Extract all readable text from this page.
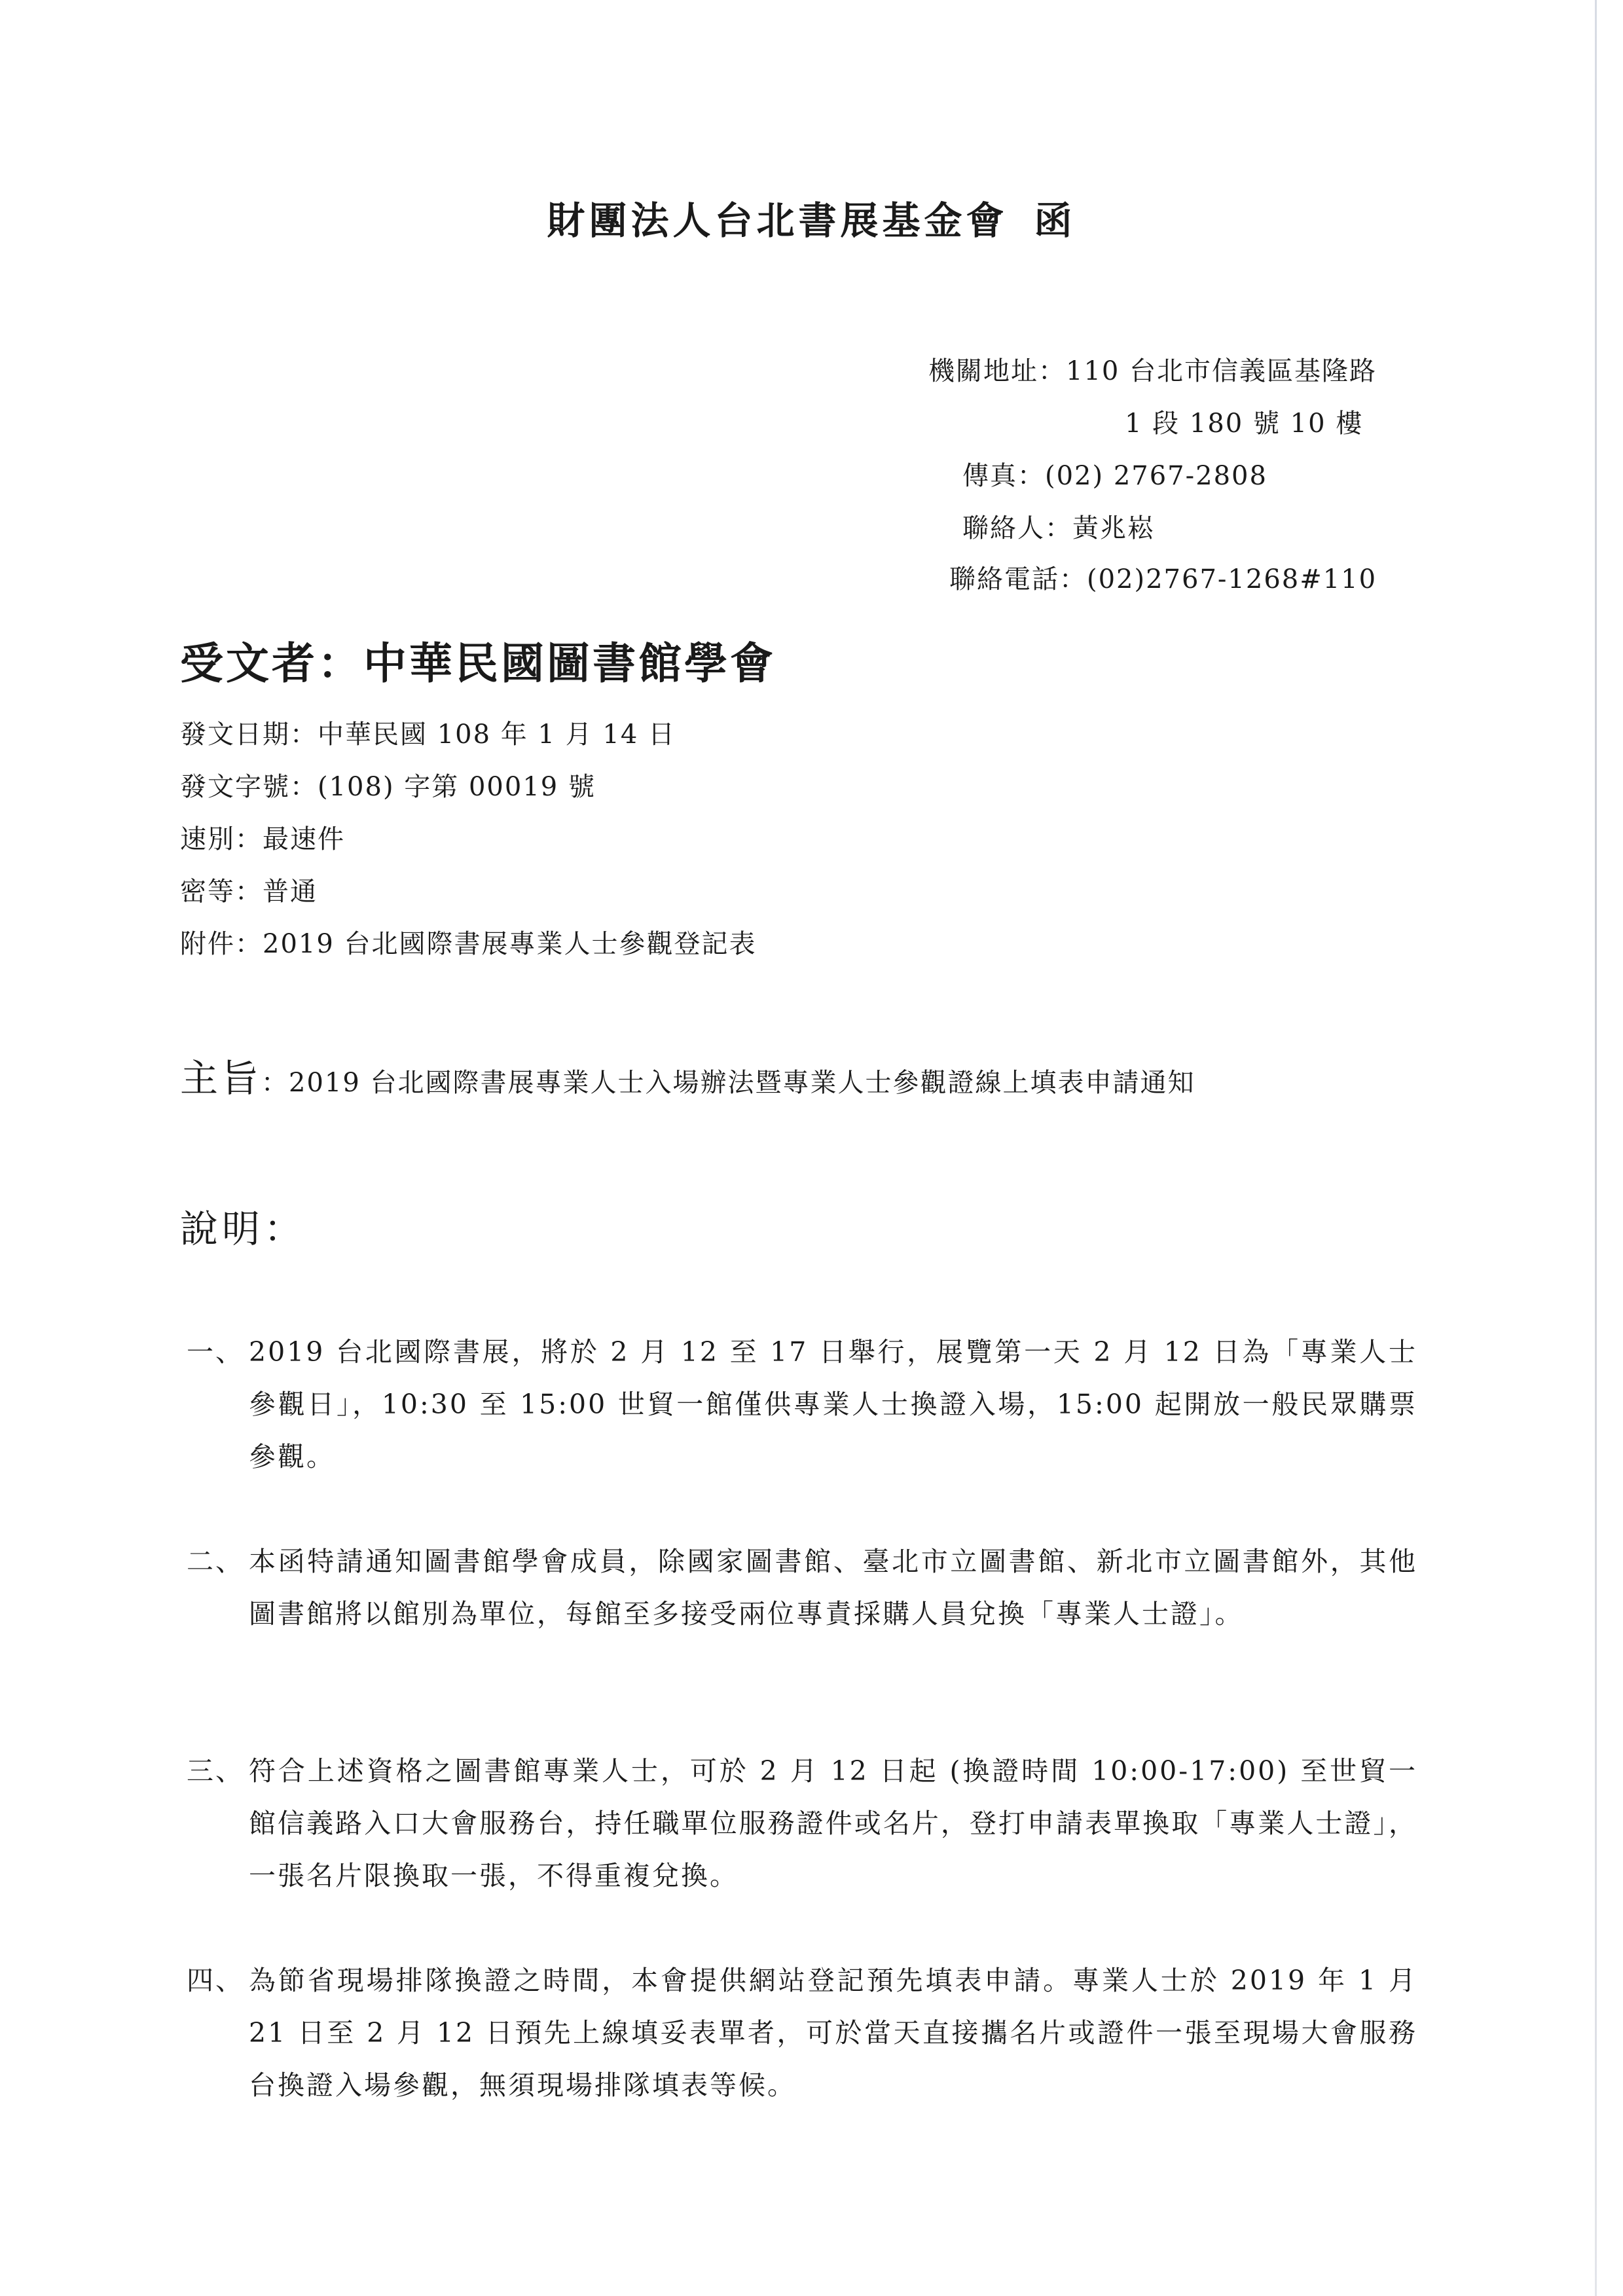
財團法人台北書展基金會 函
機關地址：110 台北市信義區基隆路
1 段 180 號 10 樓
傳真：(02) 2767-2808
聯絡人：黃兆崧
聯絡電話：(02)2767-1268#110
受文者：中華民國圖書館學會
發文日期：中華民國 108 年 1 月 14 日
發文字號：(108) 字第 00019 號
速別：最速件
密等：普通
附件：2019 台北國際書展專業人士參觀登記表
主旨：2019 台北國際書展專業人士入場辦法暨專業人士參觀證線上填表申請通知
說明：
一、 2019 台北國際書展，將於 2 月 12 至 17 日舉行，展覽第一天 2 月 12 日為「專業人士參觀日」，10:30 至 15:00 世貿一館僅供專業人士換證入場，15:00 起開放一般民眾購票參觀。
二、 本函特請通知圖書館學會成員，除國家圖書館、臺北市立圖書館、新北市立圖書館外，其他圖書館將以館別為單位，每館至多接受兩位專責採購人員兌換「專業人士證」。
三、 符合上述資格之圖書館專業人士，可於 2 月 12 日起 (換證時間 10:00-17:00) 至世貿一館信義路入口大會服務台，持任職單位服務證件或名片，登打申請表單換取「專業人士證」，一張名片限換取一張，不得重複兌換。
四、 為節省現場排隊換證之時間，本會提供網站登記預先填表申請。專業人士於 2019 年 1 月 21 日至 2 月 12 日預先上線填妥表單者，可於當天直接攜名片或證件一張至現場大會服務台換證入場參觀，無須現場排隊填表等候。
